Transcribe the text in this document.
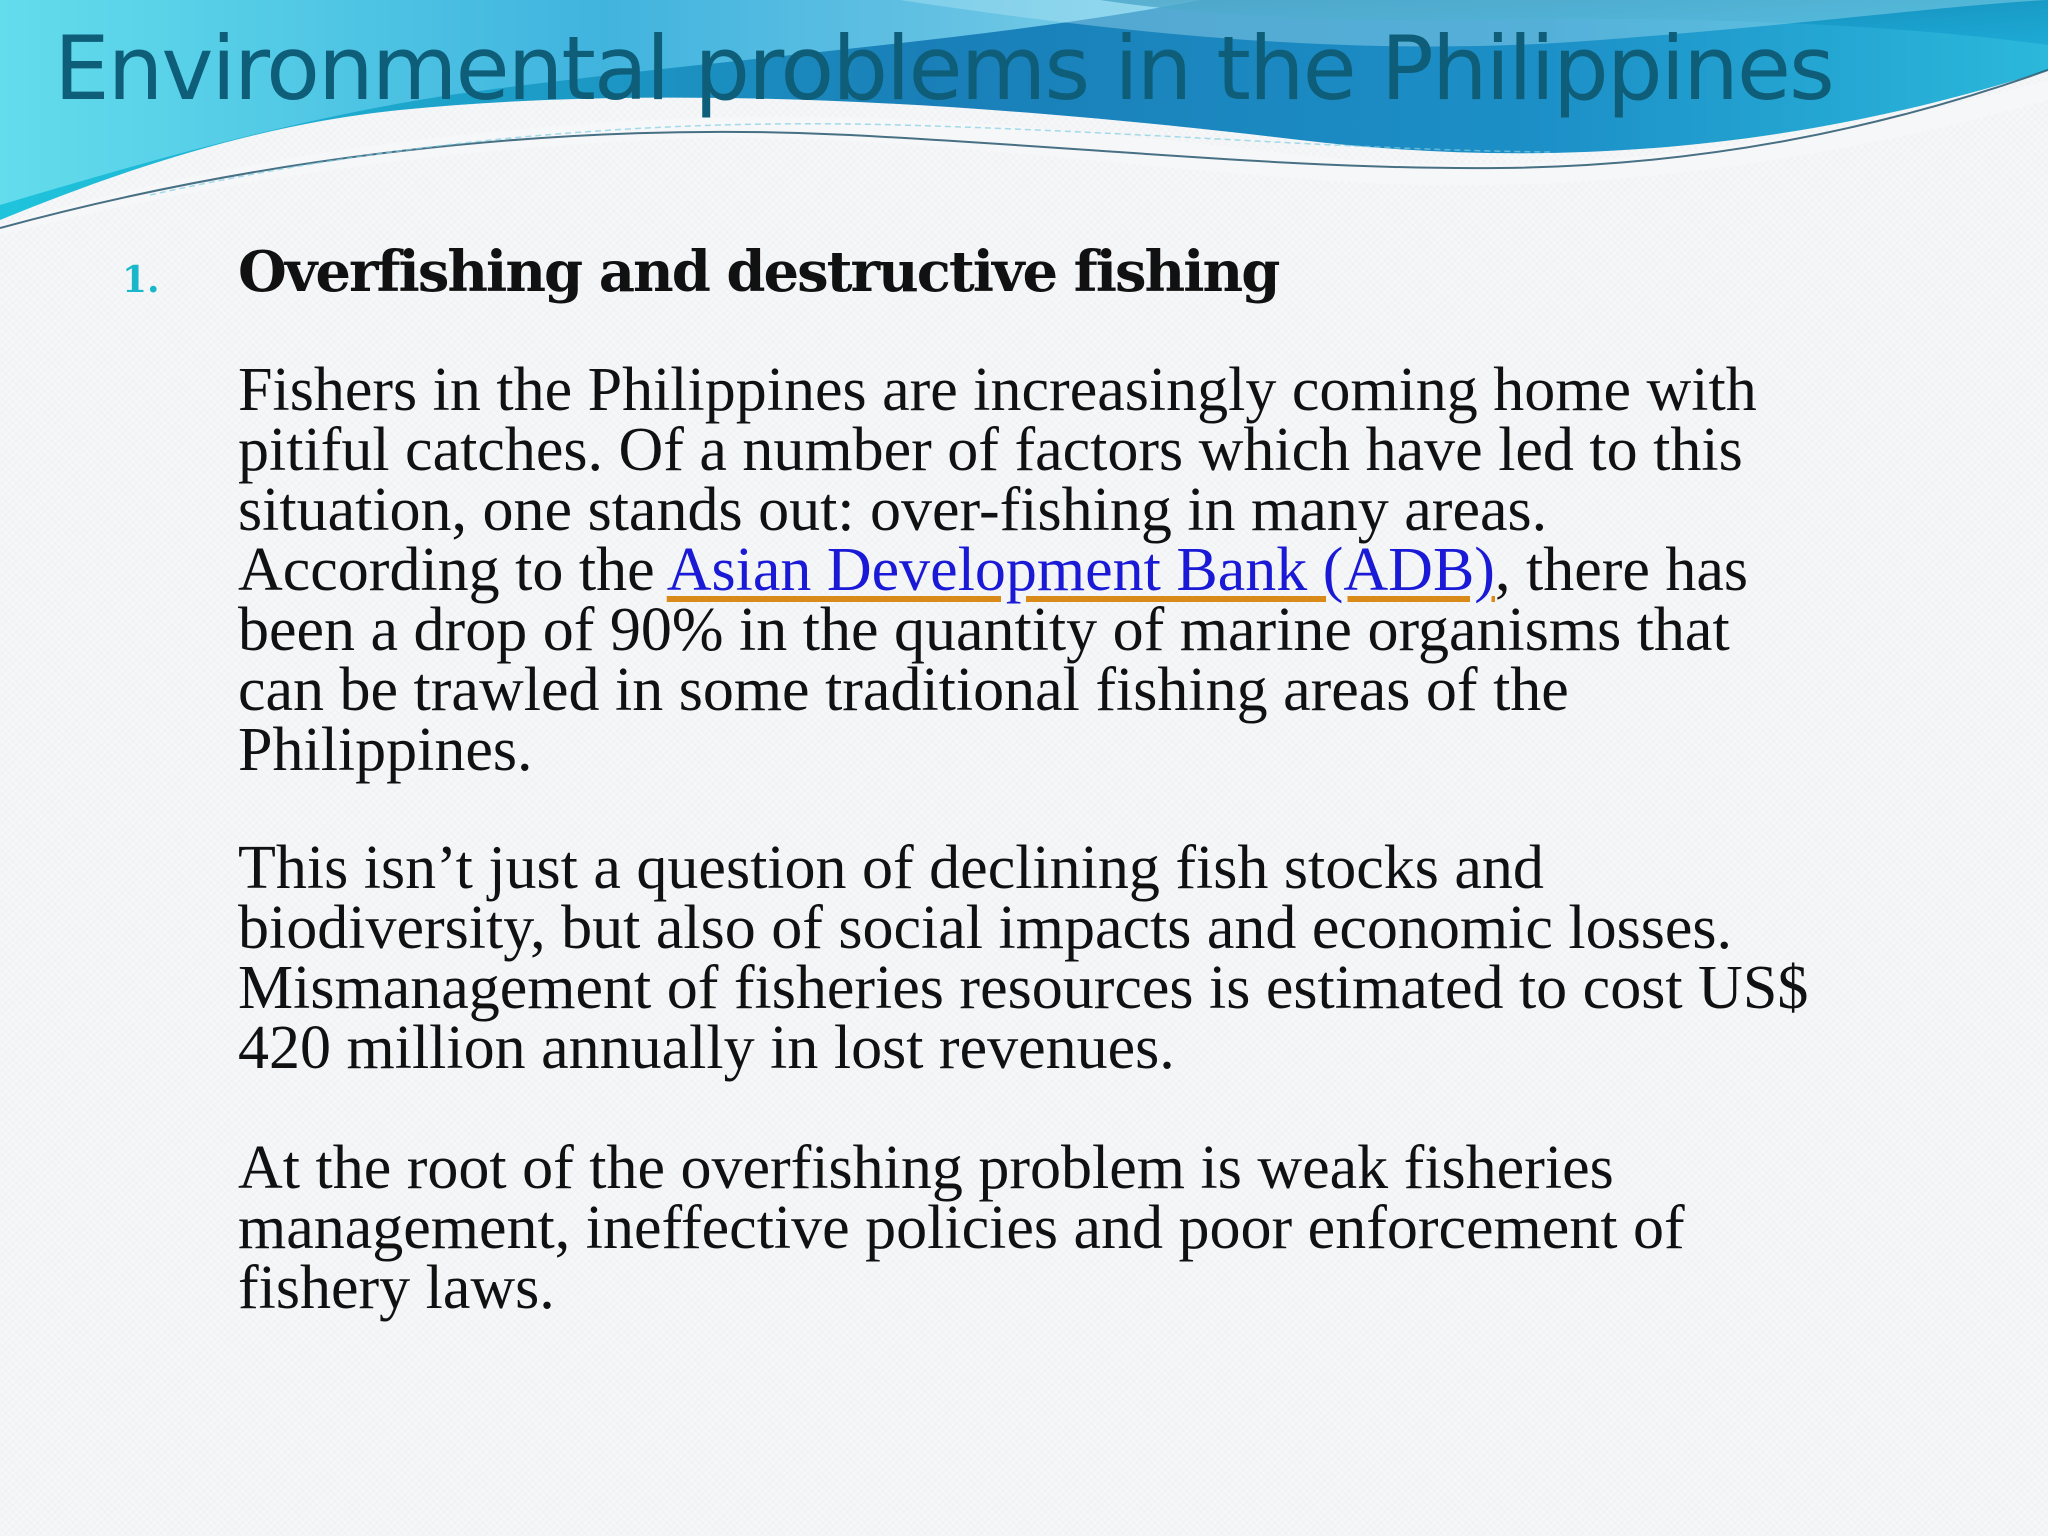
Environmental problems in the Philippines
1. Overfishing and destructive fishing

Fishers in the Philippines are increasingly coming home with
pitiful catches. Of a number of factors which have led to this
situation, one stands out: over-fishing in many areas.
According to the Asian Development Bank (ADB), there has
been a drop of 90% in the quantity of marine organisms that
can be trawled in some traditional fishing areas of the
Philippines.

This isn’t just a question of declining fish stocks and
biodiversity, but also of social impacts and economic losses.
Mismanagement of fisheries resources is estimated to cost US$
420 million annually in lost revenues.

At the root of the overfishing problem is weak fisheries
management, ineffective policies and poor enforcement of
fishery laws.
